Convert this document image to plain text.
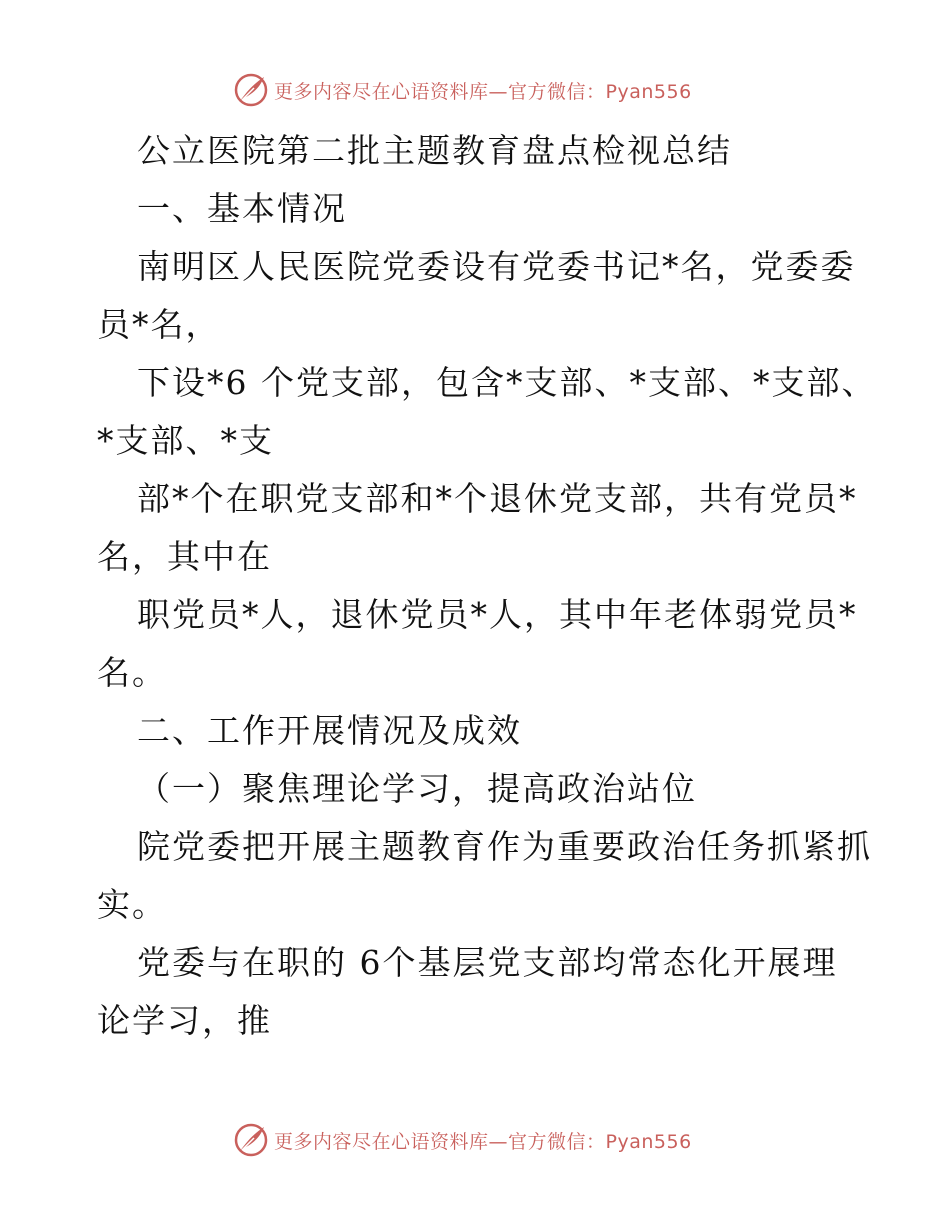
更多内容尽在心语资料库—官方微信：Pyan556
公立医院第二批主题教育盘点检视总结
一、基本情况
南明区人民医院党委设有党委书记*名，党委委
员*名，
下设*6 个党支部，包含*支部、*支部、*支部、
*支部、*支
部*个在职党支部和*个退休党支部，共有党员*
名，其中在
职党员*人，退休党员*人，其中年老体弱党员*
名。
二、工作开展情况及成效
（一）聚焦理论学习，提高政治站位
院党委把开展主题教育作为重要政治任务抓紧抓
实。
党委与在职的 6个基层党支部均常态化开展理
论学习，推
更多内容尽在心语资料库—官方微信：Pyan556
